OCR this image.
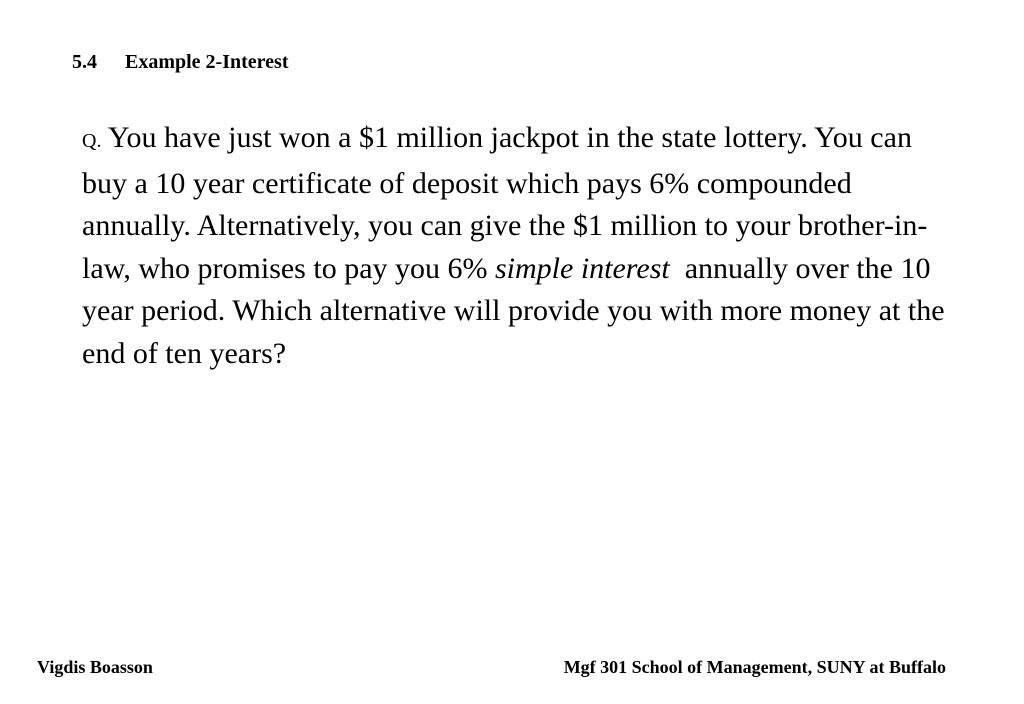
5.4 Example 2-Interest
Q. You have just won a $1 million jackpot in the state lottery. You can buy a 10 year certificate of deposit which pays 6% compounded annually. Alternatively, you can give the $1 million to your brother-in-law, who promises to pay you 6% simple interest annually over the 10 year period. Which alternative will provide you with more money at the end of ten years?
Vigdis Boasson	Mgf 301 School of Management, SUNY at Buffalo
